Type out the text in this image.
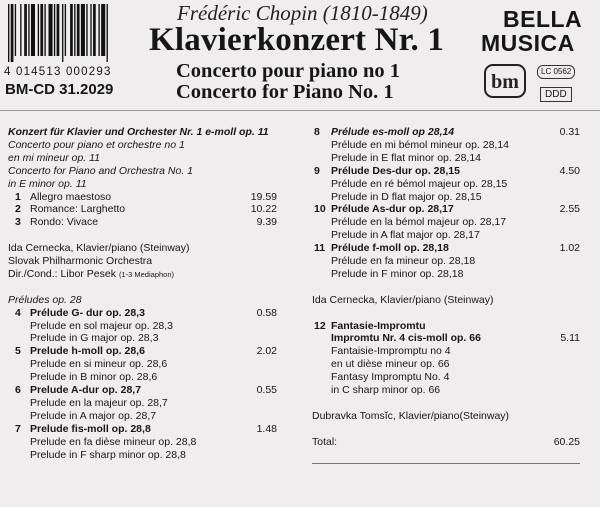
Frédéric Chopin (1810-1849)
Klavierkonzert Nr. 1
Concerto pour piano no 1
Concerto for Piano No. 1
4 014513 000293
BM-CD 31.2029
BELLA
MUSICA
bm	LC 0562
DDD
Konzert für Klavier und Orchester Nr. 1 e-moll op. 11
Concerto pour piano et orchestre no 1
en mi mineur op. 11
Concerto for Piano and Orchestra No. 1
in E minor op. 11
1 Allegro maestoso	19.59
2 Romance: Larghetto	10.22
3 Rondo: Vivace	9.39
Ida Cernecka, Klavier/piano (Steinway)
Slovak Philharmonic Orchestra
Dir./Cond.: Libor Pesek (1-3 Mediaphon)
Préludes op. 28
4 Prélude G- dur op. 28,3	0.58
Prelude en sol majeur op. 28,3
Prelude in G major op. 28,3
5 Prelude h-moll op. 28,6	2.02
Prelude en si mineur op. 28,6
Prelude in B minor op. 28,6
6 Prelude A-dur op. 28,7	0.55
Prelude en la majeur op. 28,7
Prelude in A major op. 28,7
7 Prelude fis-moll op. 28,8	1.48
Prelude en fa dièse mineur op. 28,8
Prelude in F sharp minor op. 28,8
8 Prélude es-moll op 28,14	0.31
Prélude en mi bémol mineur op. 28,14
Prelude in E flat minor op. 28,14
9 Prélude Des-dur op. 28,15	4.50
Prélude en ré bémol majeur op. 28,15
Prelude in D flat major op. 28,15
10 Prélude As-dur op. 28,17	2.55
Prélude en la bémol majeur op. 28,17
Prelude in A flat major op. 28,17
11 Prélude f-moll op. 28,18	1.02
Prélude en fa mineur op. 28,18
Prelude in F minor op. 28,18
Ida Cernecka, Klavier/piano (Steinway)
12 Fantasie-Impromtu
Impromtu Nr. 4 cis-moll op. 66	5.11
Fantaisie-Impromptu no 4
en ut dièse mineur op. 66
Fantasy Impromptu No. 4
in C sharp minor op. 66
Dubravka Tomsĭc, Klavier/piano(Steinway)
Total:	60.25
